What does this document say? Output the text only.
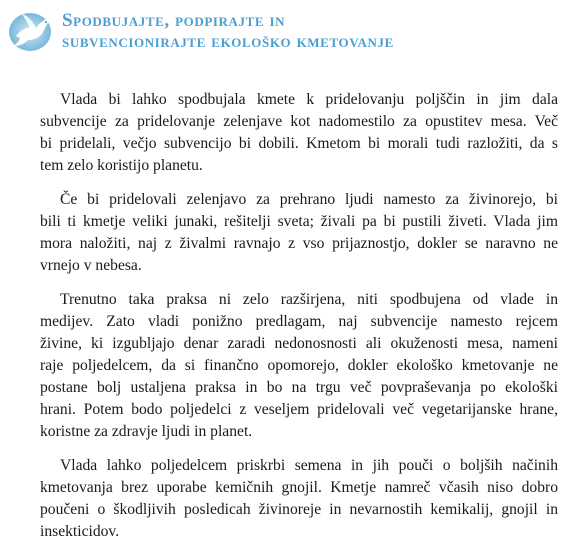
Spodbujajte, podpirajte in
subvencionirajte ekološko kmetovanje

Vlada bi lahko spodbujala kmete k pridelovanju poljščin in jim dala
subvencije za pridelovanje zelenjave kot nadomestilo za opustitev mesa. Več
bi pridelali, večjo subvencijo bi dobili. Kmetom bi morali tudi razložiti, da s
tem zelo koristijo planetu.

Če bi pridelovali zelenjavo za prehrano ljudi namesto za živinorejo, bi
bili ti kmetje veliki junaki, rešitelji sveta; živali pa bi pustili živeti. Vlada jim
mora naložiti, naj z živalmi ravnajo z vso prijaznostjo, dokler se naravno ne
vrnejo v nebesa.

Trenutno taka praksa ni zelo razširjena, niti spodbujena od vlade in
medijev. Zato vladi ponižno predlagam, naj subvencije namesto rejcem
živine, ki izgubljajo denar zaradi nedonosnosti ali okuženosti mesa, nameni
raje poljedelcem, da si finančno opomorejo, dokler ekološko kmetovanje ne
postane bolj ustaljena praksa in bo na trgu več povpraševanja po ekološki
hrani. Potem bodo poljedelci z veseljem pridelovali več vegetarijanske hrane,
koristne za zdravje ljudi in planet.

Vlada lahko poljedelcem priskrbi semena in jih pouči o boljših načinih
kmetovanja brez uporabe kemičnih gnojil. Kmetje namreč včasih niso dobro
poučeni o škodljivih posledicah živinoreje in nevarnostih kemikalij, gnojil in
insekticidov.
